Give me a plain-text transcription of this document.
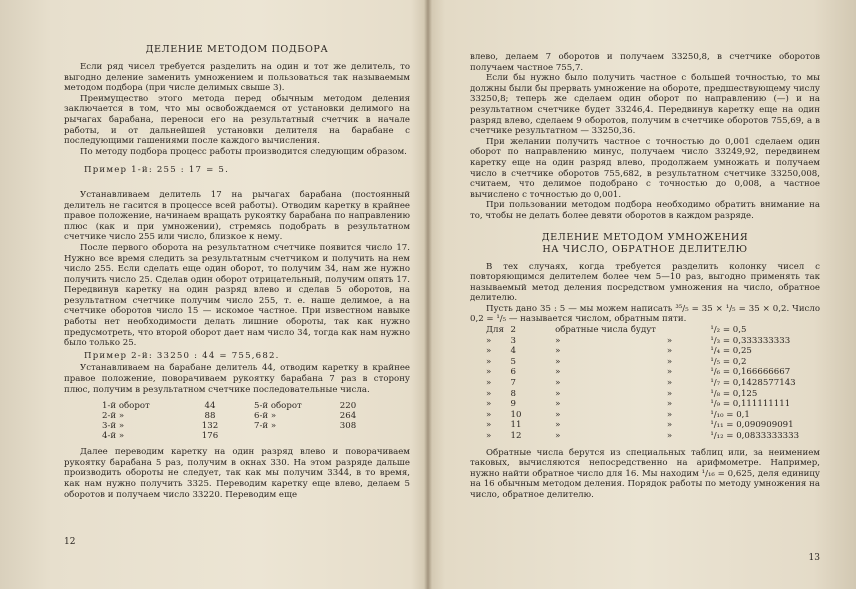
ДЕЛЕНИЕ МЕТОДОМ ПОДБОРА

Если ряд чисел требуется разделить на один и тот же делитель, то выгодно деление заменить умножением и пользоваться так называемым методом подбора (при числе делимых свыше 3).

Преимущество этого метода перед обычным методом деления заключается в том, что мы освобождаемся от установки делимого на рычагах барабана, переноси его на результатный счетчик в начале работы, и от дальнейшей установки делителя на барабане с последующими гашениями после каждого вычисления.

По методу подбора процесс работы производится следующим образом.

Пример 1-й: 255 : 17 = 5.

Устанавливаем делитель 17 на рычагах барабана (постоянный делитель не гасится в процессе всей работы). Отводим каретку в крайнее правое положение, начинаем вращать рукоятку барабана по направлению плюс (как и при умножении), стремясь подобрать в результатном счетчике число 255 или число, близкое к нему.

После первого оборота на результатном счетчике появится число 17. Нужно все время следить за результатным счетчиком и получить на нем число 255. Если сделать еще один оборот, то получим 34, нам же нужно получить число 25. Сделав один оборот отрицательный, получим опять 17. Передвинув каретку на один разряд влево и сделав 5 оборотов, на результатном счетчике получим число 255, т. е. наше делимое, а на счетчике оборотов число 15 — искомое частное. При известном навыке работы нет необходимости делать лишние обороты, так как нужно предусмотреть, что второй оборот дает нам число 34, тогда как нам нужно было только 25.

Пример 2-й: 33250 : 44 = 755,682.

Устанавливаем на барабане делитель 44, отводим каретку в крайнее правое положение, поворачиваем рукоятку барабана 7 раз в сторону плюс, получим в результатном счетчике последовательные числа.

1-й оборот	44	5-й оборот	220
2-й »	88	6-й »	264
3-й »	132	7-й »	308
4-й »	176		

Далее переводим каретку на один разряд влево и поворачиваем рукоятку барабана 5 раз, получим в окнах 330. На этом разряде дальше производить обороты не следует, так как мы получим 3344, в то время, как нам нужно получить 3325. Переводим каретку еще влево, делаем 5 оборотов и получаем число 33220. Переводим еще

12

влево, делаем 7 оборотов и получаем 33250,8, в счетчике оборотов получаем частное 755,7.

Если бы нужно было получить частное с большей точностью, то мы должны были бы прервать умножение на обороте, предшествующему числу 33250,8; теперь же сделаем один оборот по направлению (—) и на результатном счетчике будет 33246,4. Передвинув каретку еще на один разряд влево, сделаем 9 оборотов, получим в счетчике оборотов 755,69, а в счетчике результатном — 33250,36.

При желании получить частное с точностью до 0,001 сделаем один оборот по направлению минус, получаем число 33249,92, передвинем каретку еще на один разряд влево, продолжаем умножать и получаем число в счетчике оборотов 755,682, в результатном счетчике 33250,008, считаем, что делимое подобрано с точностью до 0,008, а частное вычислено с точностью до 0,001.

При пользовании методом подбора необходимо обратить внимание на то, чтобы не делать более девяти оборотов в каждом разряде.

ДЕЛЕНИЕ МЕТОДОМ УМНОЖЕНИЯ
НА ЧИСЛО, ОБРАТНОЕ ДЕЛИТЕЛЮ

В тех случаях, когда требуется разделить колонку чисел с повторяющимся делителем более чем 5—10 раз, выгодно применять так называемый метод деления посредством умножения на число, обратное делителю.

Пусть дано 35 : 5 — мы можем написать ³⁵/₅ = 35 × ¹/₅ = 35 × 0,2. Число 0,2 = ¹/₅ — называется числом, обратным пяти.

Для	2	обратные числа будут		¹/₂ = 0,5
»	3	»	»	¹/₃ = 0,333333333
»	4	»	»	¹/₄ = 0,25
»	5	»	»	¹/₅ = 0,2
»	6	»	»	¹/₆ = 0,166666667
»	7	»	»	¹/₇ = 0,1428577143
»	8	»	»	¹/₈ = 0,125
»	9	»	»	¹/₉ = 0,111111111
»	10	»	»	¹/₁₀ = 0,1
»	11	»	»	¹/₁₁ = 0,090909091
»	12	»	»	¹/₁₂ = 0,0833333333

Обратные числа берутся из специальных таблиц или, за неимением таковых, вычисляются непосредственно на арифмометре. Например, нужно найти обратное число для 16. Мы находим ¹/₁₆ = 0,625, деля единицу на 16 обычным методом деления. Порядок работы по методу умножения на число, обратное делителю.

13
